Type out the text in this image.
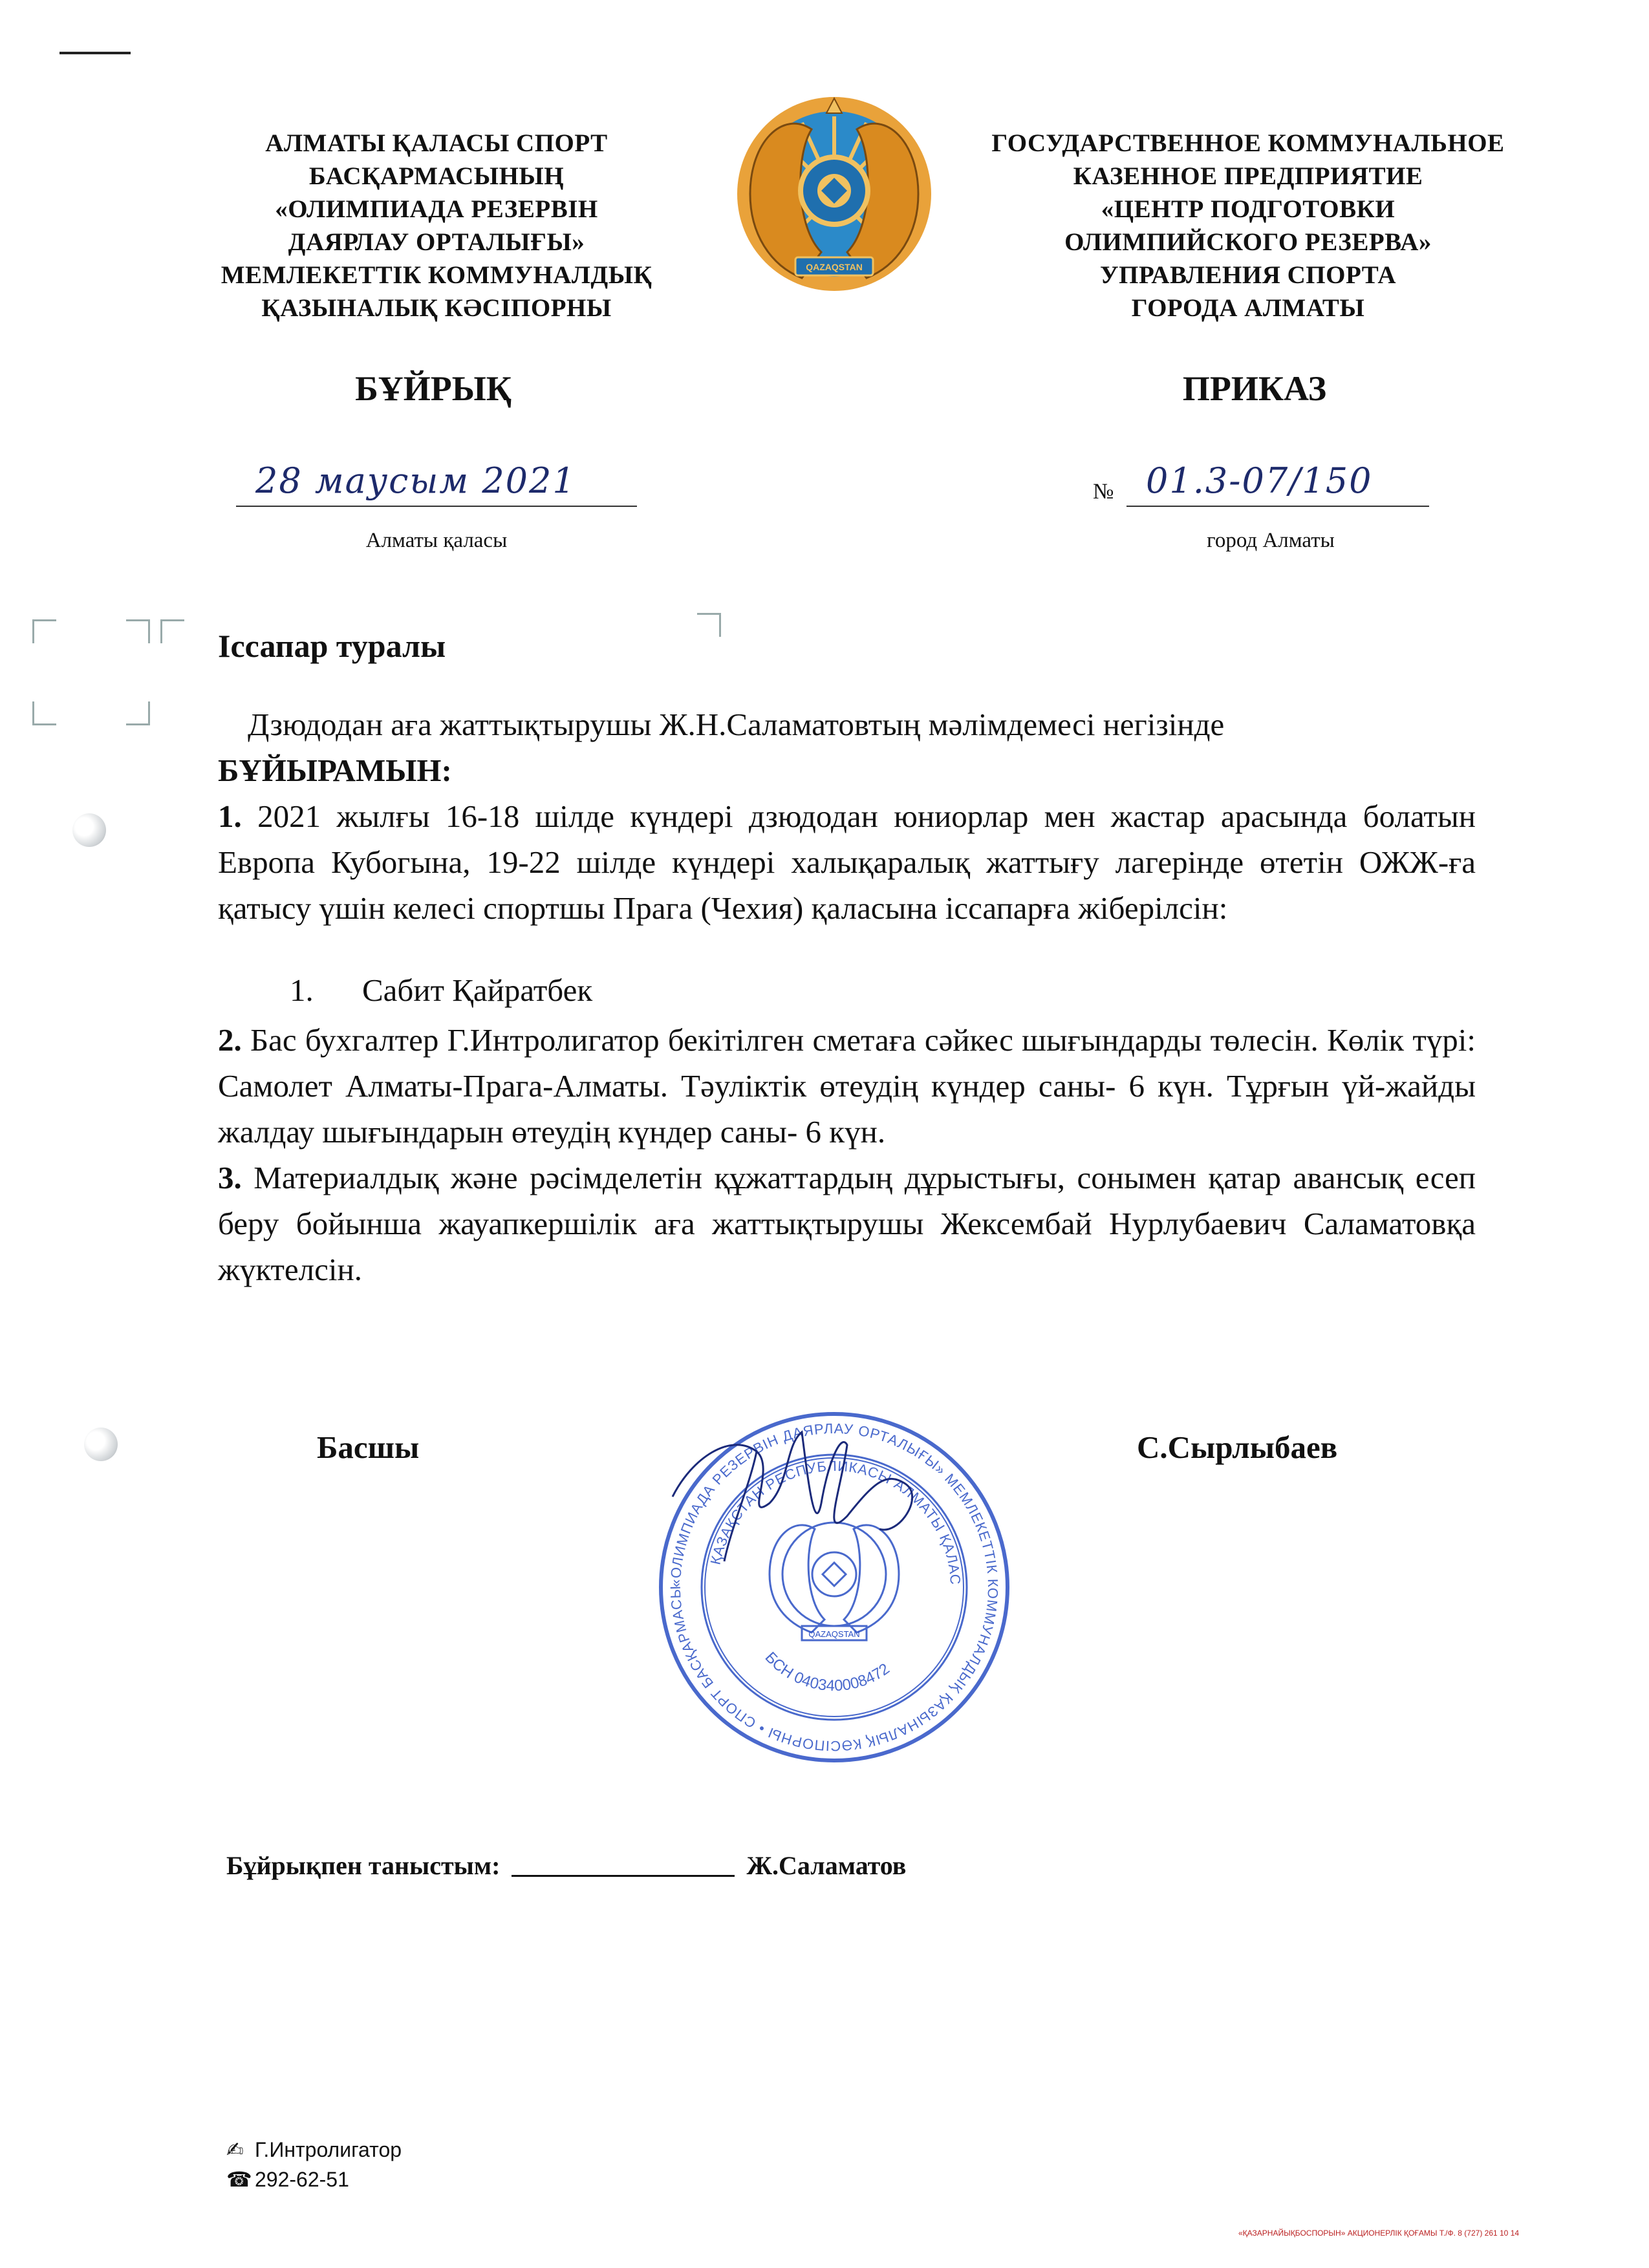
АЛМАТЫ ҚАЛАСЫ СПОРТ
БАСҚАРМАСЫНЫҢ
«ОЛИМПИАДА РЕЗЕРВІН
ДАЯРЛАУ ОРТАЛЫҒЫ»
МЕМЛЕКЕТТІК КОММУНАЛДЫҚ
ҚАЗЫНАЛЫҚ КӘСІПОРНЫ
QAZAQSTAN
ГОСУДАРСТВЕННОЕ КОММУНАЛЬНОЕ
КАЗЕННОЕ ПРЕДПРИЯТИЕ
«ЦЕНТР ПОДГОТОВКИ
ОЛИМПИЙСКОГО РЕЗЕРВА»
УПРАВЛЕНИЯ СПОРТА
ГОРОДА АЛМАТЫ
БҰЙРЫҚ	ПРИКАЗ
28 маусым 2021	№ 01.3-07/150
Алматы қаласы	город Алматы
Іссапар туралы

Дзюдодан аға жаттықтырушы Ж.Н.Саламатовтың мәлімдемесі негізінде

БҰЙЫРАМЫН:

1. 2021 жылғы 16-18 шілде күндері дзюдодан юниорлар мен жастар арасында болатын Европа Кубогына, 19-22 шілде күндері халықаралық жаттығу лагерінде өтетін ОЖЖ-ға қатысу үшін келесі спортшы Прага (Чехия) қаласына іссапарға жіберілсін:

1. Сабит Қайратбек

2. Бас бухгалтер Г.Интролигатор бекітілген сметаға сәйкес шығындарды төлесін. Көлік түрі: Самолет Алматы-Прага-Алматы. Тәуліктік өтеудің күндер саны- 6 күн. Тұрғын үй-жайды жалдау шығындарын өтеудің күндер саны- 6 күн.

3. Материалдық және рәсімделетін құжаттардың дұрыстығы, сонымен қатар авансық есеп беру бойынша жауапкершілік аға жаттықтырушы Жексембай Нурлубаевич Саламатовқа жүктелсін.

Басшы	С.Сырлыбаев
«ОЛИМПИАДА РЕЗЕРВІН ДАЯРЛАУ ОРТАЛЫҒЫ» МЕМЛЕКЕТТІК КОММУНАЛДЫҚ ҚАЗЫНАЛЫҚ КӘСІПОРНЫ • СПОРТ БАСҚАРМАСЫ
ҚАЗАҚСТАН РЕСПУБЛИКАСЫ АЛМАТЫ ҚАЛАС
БСН 040340008472
QAZAQSTAN
Бұйрықпен таныстым:	Ж.Саламатов
✍ Г.Интролигатор
☎ 292-62-51
«ҚАЗАРНАЙЫҚБОСПОРЫН» АКЦИОНЕРЛІК ҚОҒАМЫ Т./Ф. 8 (727) 261 10 14
